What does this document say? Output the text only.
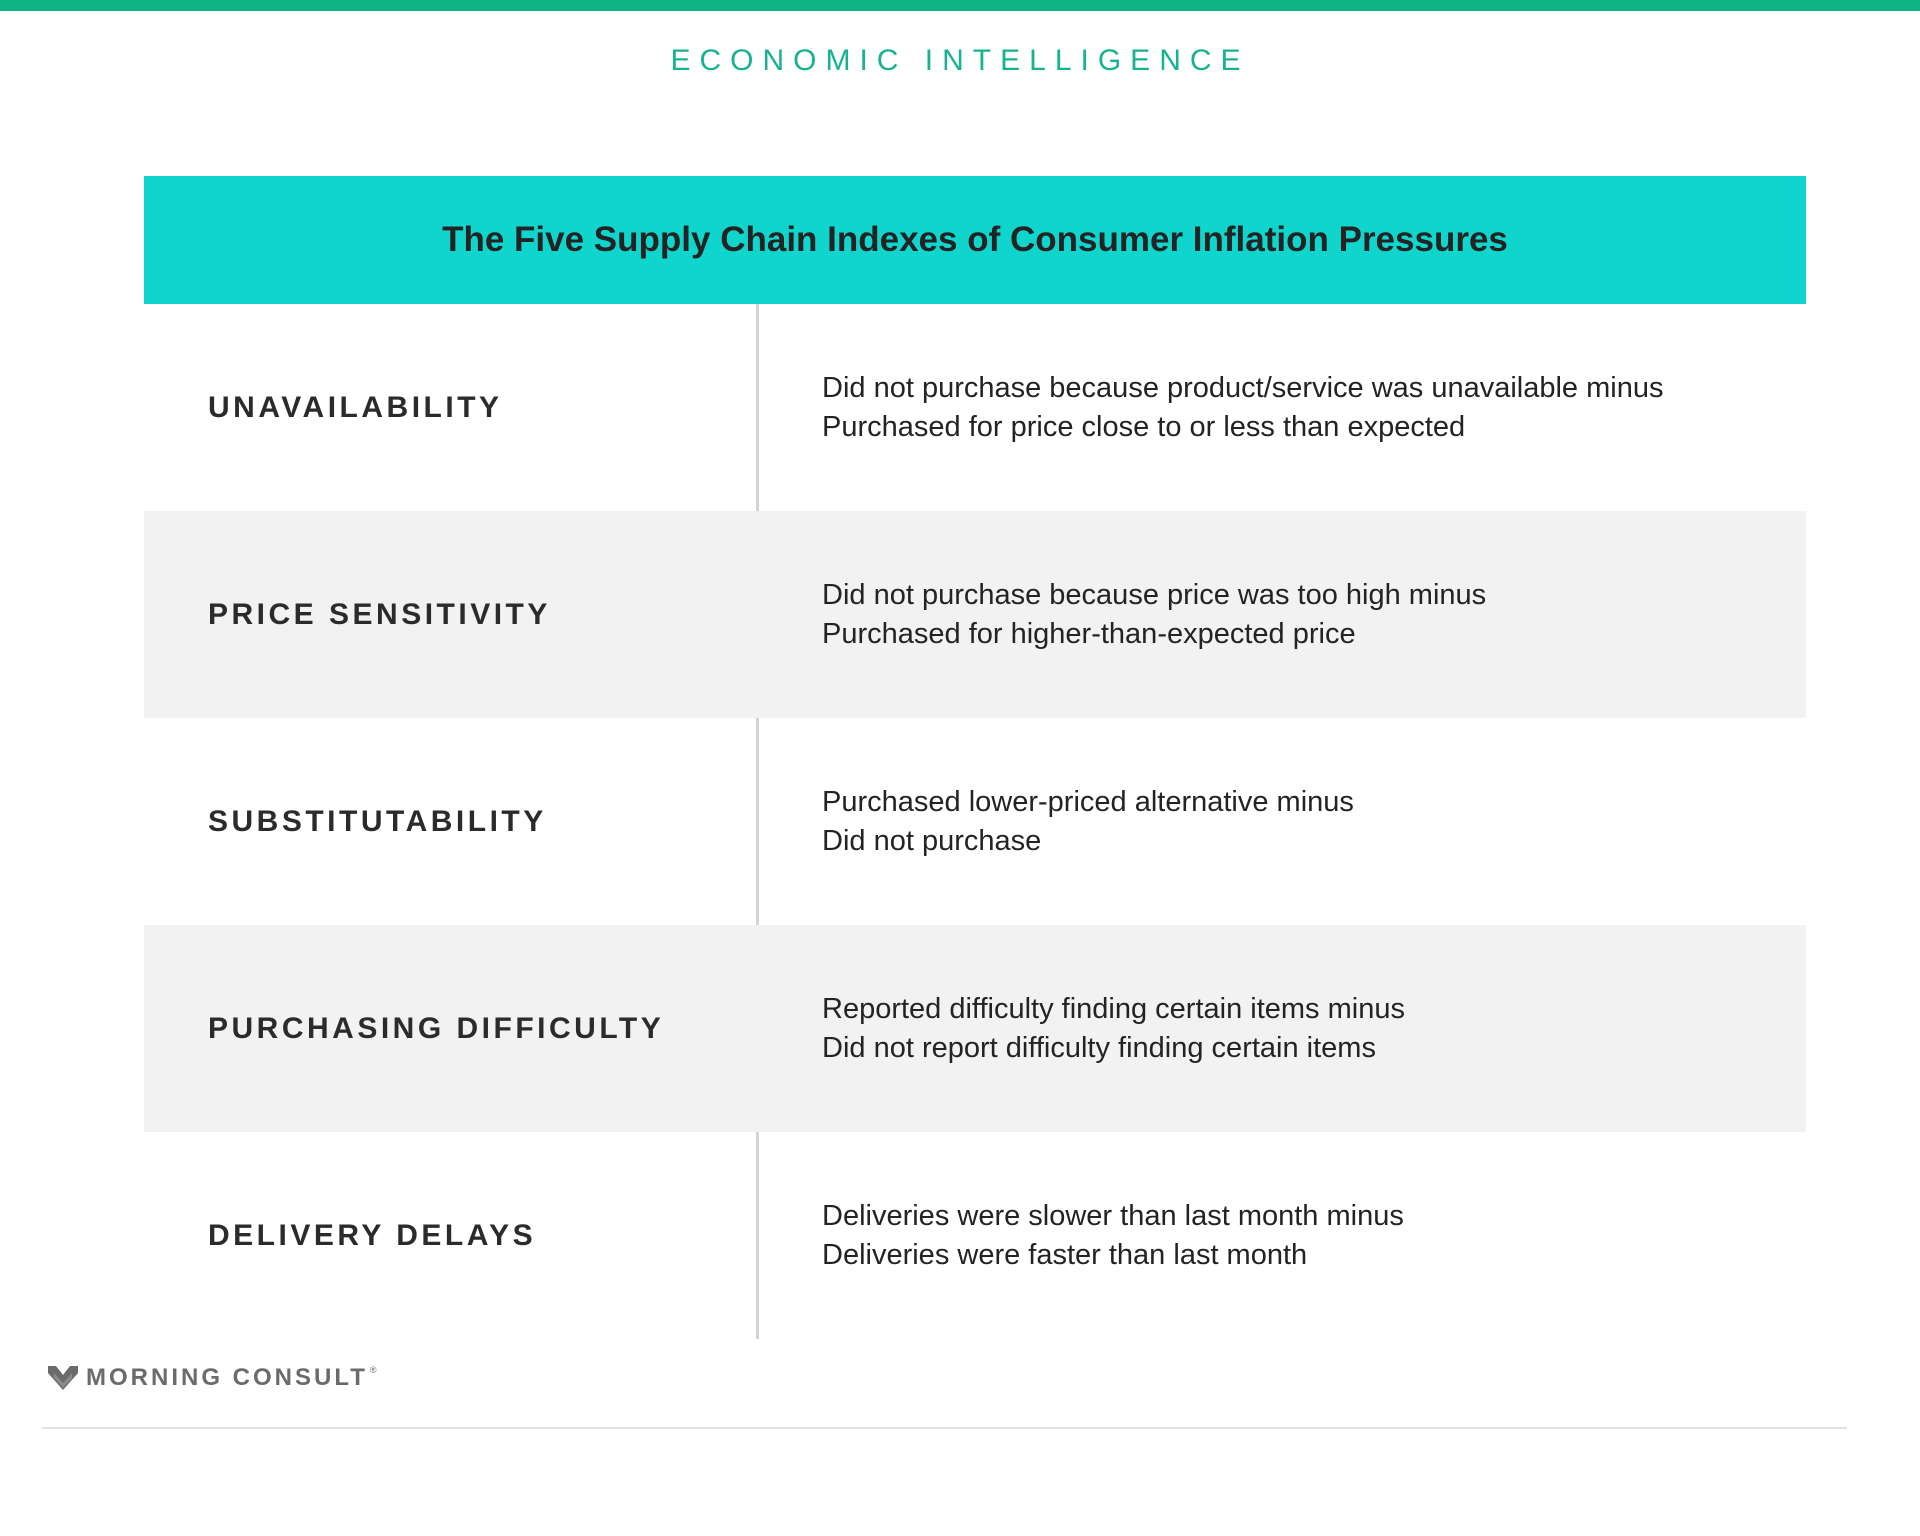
ECONOMIC INTELLIGENCE
The Five Supply Chain Indexes of Consumer Inflation Pressures
UNAVAILABILITY
Did not purchase because product/service was unavailable minus
Purchased for price close to or less than expected
PRICE SENSITIVITY
Did not purchase because price was too high minus
Purchased for higher-than-expected price
SUBSTITUTABILITY
Purchased lower-priced alternative minus
Did not purchase
PURCHASING DIFFICULTY
Reported difficulty finding certain items minus
Did not report difficulty finding certain items
DELIVERY DELAYS
Deliveries were slower than last month minus
Deliveries were faster than last month
MORNING CONSULT ®
